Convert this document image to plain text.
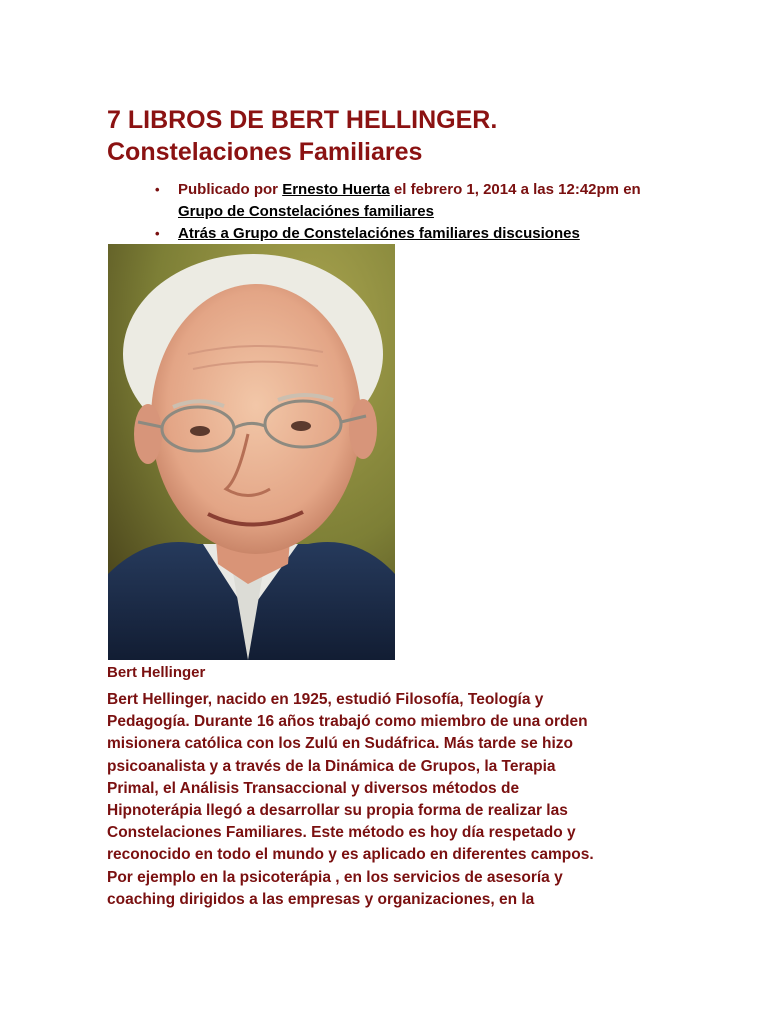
7 LIBROS DE BERT HELLINGER.
Constelaciones Familiares
• Publicado por Ernesto Huerta el febrero 1, 2014 a las 12:42pm en Grupo de Constelaciónes familiares
• Atrás a Grupo de Constelaciónes familiares discusiones

Bert Hellinger

Bert Hellinger, nacido en 1925, estudió Filosofía, Teología y
Pedagogía. Durante 16 años trabajó como miembro de una orden
misionera católica con los Zulú en Sudáfrica. Más tarde se hizo
psicoanalista y a través de la Dinámica de Grupos, la Terapia
Primal, el Análisis Transaccional y diversos métodos de
Hipnoterápia llegó a desarrollar su propia forma de realizar las
Constelaciones Familiares. Este método es hoy día respetado y
reconocido en todo el mundo y es aplicado en diferentes campos.
Por ejemplo en la psicoterápia , en los servicios de asesoría y
coaching dirigidos a las empresas y organizaciones, en la
